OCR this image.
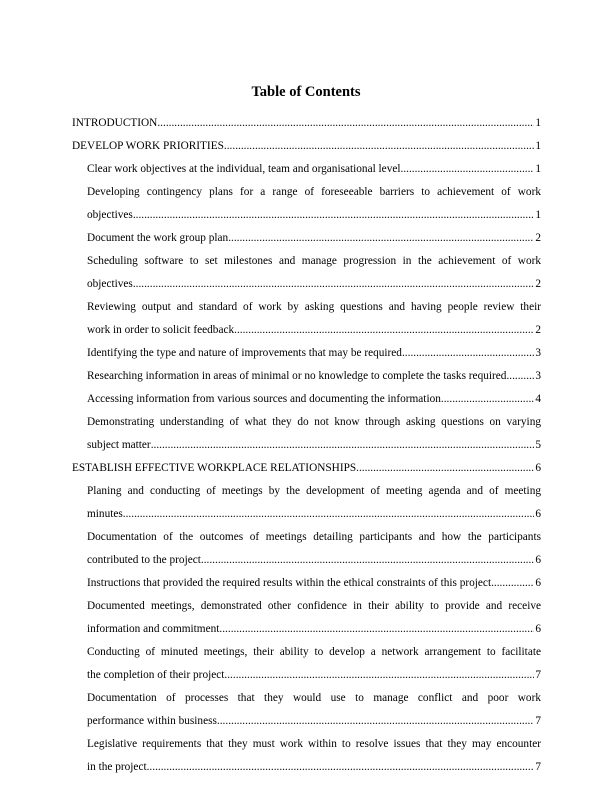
Table of Contents
INTRODUCTION .....	1
DEVELOP WORK PRIORITIES .....	1
Clear work objectives at the individual, team and organisational level .....	1
Developing contingency plans for a range of foreseeable barriers to achievement of work
objectives .....	1
Document the work group plan .....	2
Scheduling software to set milestones and manage progression in the achievement of work
objectives .....	2
Reviewing output and standard of work by asking questions and having people review their
work in order to solicit feedback .....	2
Identifying the type and nature of improvements that may be required .....	3
Researching information in areas of minimal or no knowledge to complete the tasks required .....	3
Accessing information from various sources and documenting the information .....	4
Demonstrating understanding of what they do not know through asking questions on varying
subject matter .....	5
ESTABLISH EFFECTIVE WORKPLACE RELATIONSHIPS .....	6
Planing and conducting of meetings by the development of meeting agenda and of meeting
minutes .....	6
Documentation of the outcomes of meetings detailing participants and how the participants
contributed to the project .....	6
Instructions that provided the required results within the ethical constraints of this project. .....	6
Documented meetings, demonstrated other confidence in their ability to provide and receive
information and commitment .....	6
Conducting of minuted meetings, their ability to develop a network arrangement to facilitate
the completion of their project .....	7
Documentation of processes that they would use to manage conflict and poor work
performance within business .....	7
Legislative requirements that they must work within to resolve issues that they may encounter
in the project .....	7
